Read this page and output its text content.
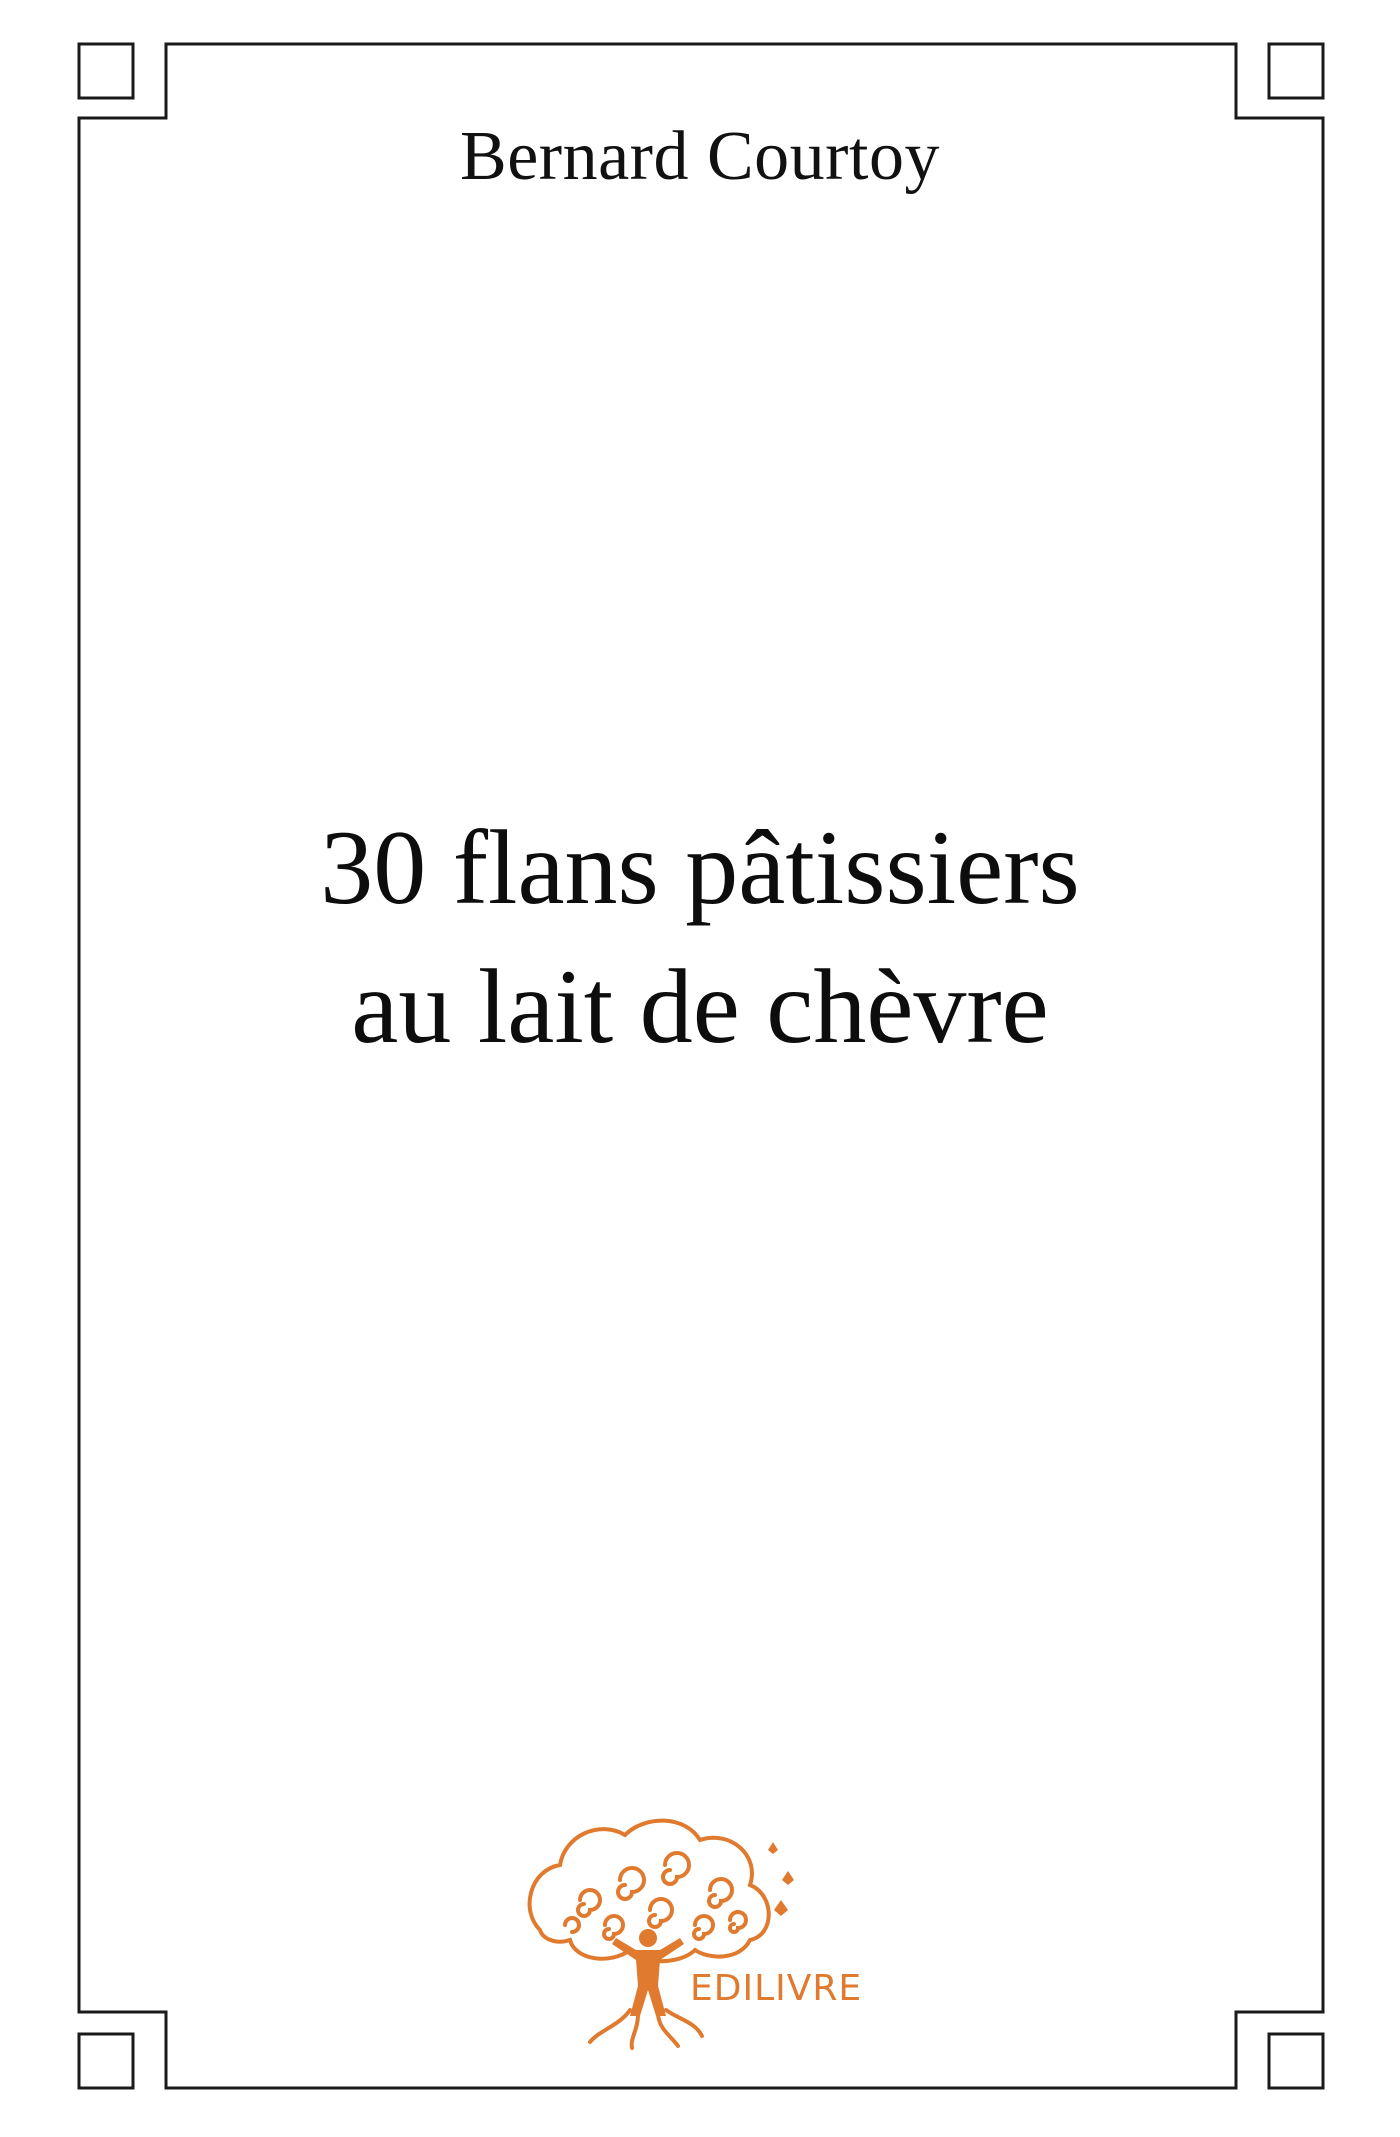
Bernard Courtoy
30 flans pâtissiers
au lait de chèvre
EDILIVRE
